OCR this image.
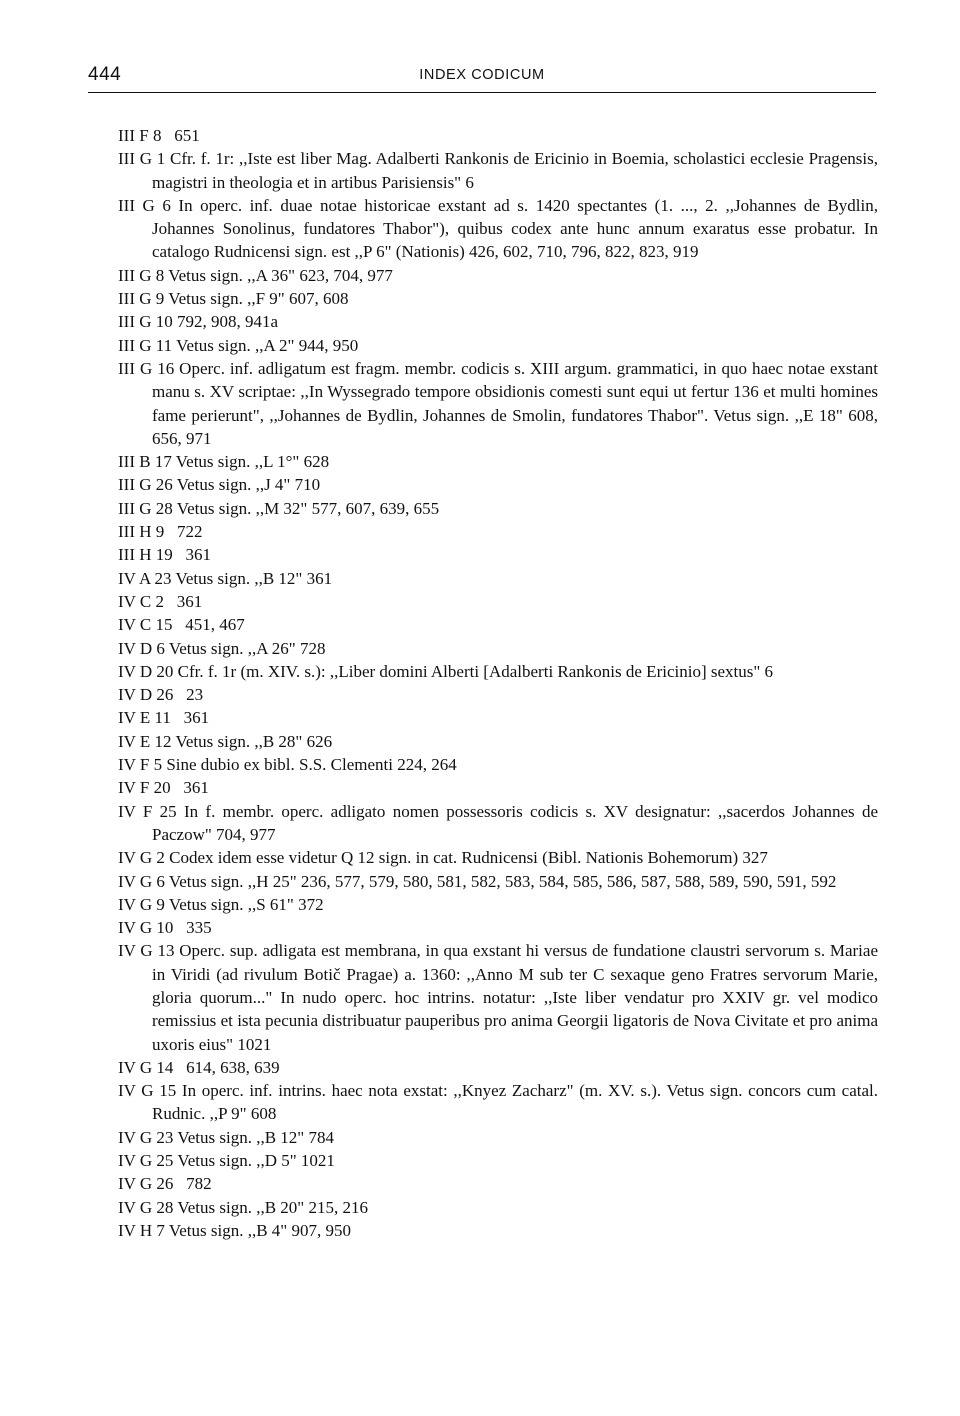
444	INDEX CODICUM
III F 8   651
III G 1 Cfr. f. 1r: ,,Iste est liber Mag. Adalberti Rankonis de Ericinio in Boemia, scholastici ecclesie Pragensis, magistri in theologia et in artibus Parisiensis" 6
III G 6 In operc. inf. duae notae historicae exstant ad s. 1420 spectantes (1. ..., 2. ,,Johannes de Bydlin, Johannes Sonolinus, fundatores Thabor"), quibus codex ante hunc annum exaratus esse probatur. In catalogo Rudnicensi sign. est ,,P 6" (Nationis) 426, 602, 710, 796, 822, 823, 919
III G 8 Vetus sign. ,,A 36" 623, 704, 977
III G 9 Vetus sign. ,,F 9" 607, 608
III G 10 792, 908, 941a
III G 11 Vetus sign. ,,A 2" 944, 950
III G 16 Operc. inf. adligatum est fragm. membr. codicis s. XIII argum. grammatici, in quo haec notae exstant manu s. XV scriptae: ,,In Wyssegrado tempore obsidionis comesti sunt equi ut fertur 136 et multi homines fame perierunt", ,,Johannes de Bydlin, Johannes de Smolin, fundatores Thabor". Vetus sign. ,,E 18" 608, 656, 971
III B 17 Vetus sign. ,,L 1°" 628
III G 26 Vetus sign. ,,J 4" 710
III G 28 Vetus sign. ,,M 32" 577, 607, 639, 655
III H 9   722
III H 19   361
IV A 23 Vetus sign. ,,B 12" 361
IV C 2   361
IV C 15   451, 467
IV D 6 Vetus sign. ,,A 26" 728
IV D 20 Cfr. f. 1r (m. XIV. s.): ,,Liber domini Alberti [Adalberti Rankonis de Ericinio] sextus" 6
IV D 26   23
IV E 11   361
IV E 12 Vetus sign. ,,B 28" 626
IV F 5 Sine dubio ex bibl. S.S. Clementi 224, 264
IV F 20   361
IV F 25 In f. membr. operc. adligato nomen possessoris codicis s. XV designatur: ,,sacerdos Johannes de Paczow" 704, 977
IV G 2 Codex idem esse videtur Q 12 sign. in cat. Rudnicensi (Bibl. Nationis Bohemorum) 327
IV G 6 Vetus sign. ,,H 25" 236, 577, 579, 580, 581, 582, 583, 584, 585, 586, 587, 588, 589, 590, 591, 592
IV G 9 Vetus sign. ,,S 61" 372
IV G 10   335
IV G 13 Operc. sup. adligata est membrana, in qua exstant hi versus de fundatione claustri servorum s. Mariae in Viridi (ad rivulum Botič Pragae) a. 1360: ,,Anno M sub ter C sexaque geno Fratres servorum Marie, gloria quorum..." In nudo operc. hoc intrins. notatur: ,,Iste liber vendatur pro XXIV gr. vel modico remissius et ista pecunia distribuatur pauperibus pro anima Georgii ligatoris de Nova Civitate et pro anima uxoris eius" 1021
IV G 14   614, 638, 639
IV G 15 In operc. inf. intrins. haec nota exstat: ,,Knyez Zacharz" (m. XV. s.). Vetus sign. concors cum catal. Rudnic. ,,P 9" 608
IV G 23 Vetus sign. ,,B 12" 784
IV G 25 Vetus sign. ,,D 5" 1021
IV G 26   782
IV G 28 Vetus sign. ,,B 20" 215, 216
IV H 7 Vetus sign. ,,B 4" 907, 950
